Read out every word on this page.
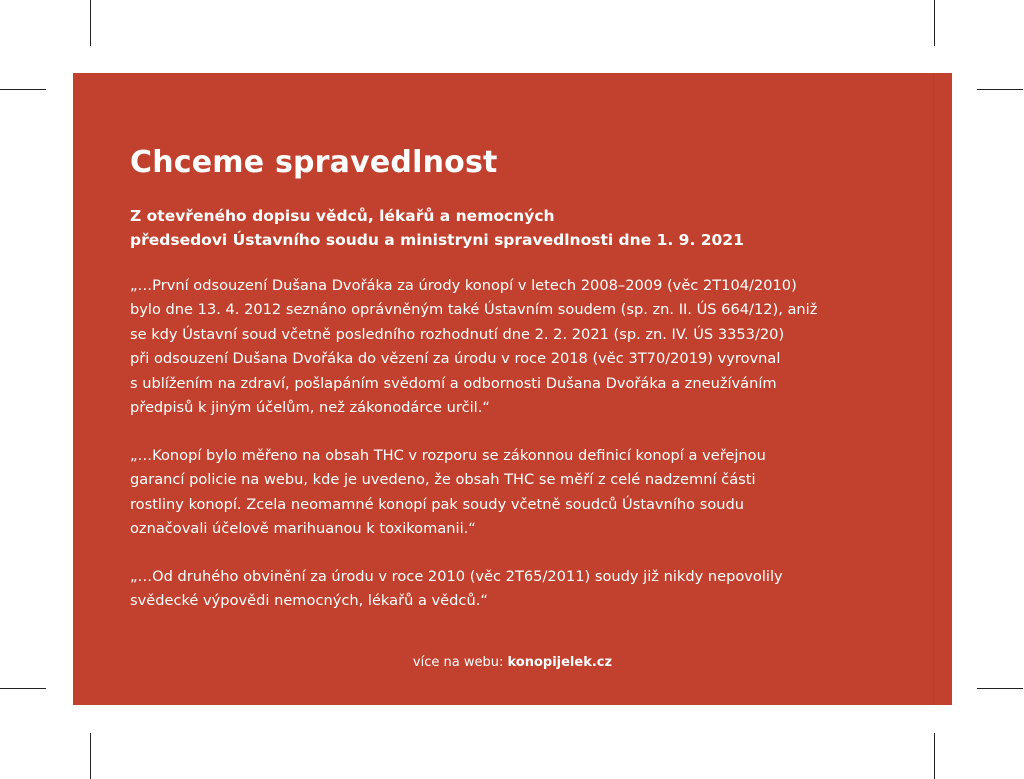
Chceme spravedlnost
Z otevřeného dopisu vědců, lékařů a nemocných
předsedovi Ústavního soudu a ministryni spravedlnosti dne 1. 9. 2021
„…První odsouzení Dušana Dvořáka za úrody konopí v letech 2008–2009 (věc 2T104/2010)
bylo dne 13. 4. 2012 seznáno oprávněným také Ústavním soudem (sp. zn. II. ÚS 664/12), aniž
se kdy Ústavní soud včetně posledního rozhodnutí dne 2. 2. 2021 (sp. zn. IV. ÚS 3353/20)
při odsouzení Dušana Dvořáka do vězení za úrodu v roce 2018 (věc 3T70/2019) vyrovnal
s ublížením na zdraví, pošlapáním svědomí a odbornosti Dušana Dvořáka a zneužíváním
předpisů k jiným účelům, než zákonodárce určil.“
„…Konopí bylo měřeno na obsah THC v rozporu se zákonnou definicí konopí a veřejnou
garancí policie na webu, kde je uvedeno, že obsah THC se měří z celé nadzemní části
rostliny konopí. Zcela neomamné konopí pak soudy včetně soudců Ústavního soudu
označovali účelově marihuanou k toxikomanii.“
„…Od druhého obvinění za úrodu v roce 2010 (věc 2T65/2011) soudy již nikdy nepovolily
svědecké výpovědi nemocných, lékařů a vědců.“
více na webu: konopijelek.cz
